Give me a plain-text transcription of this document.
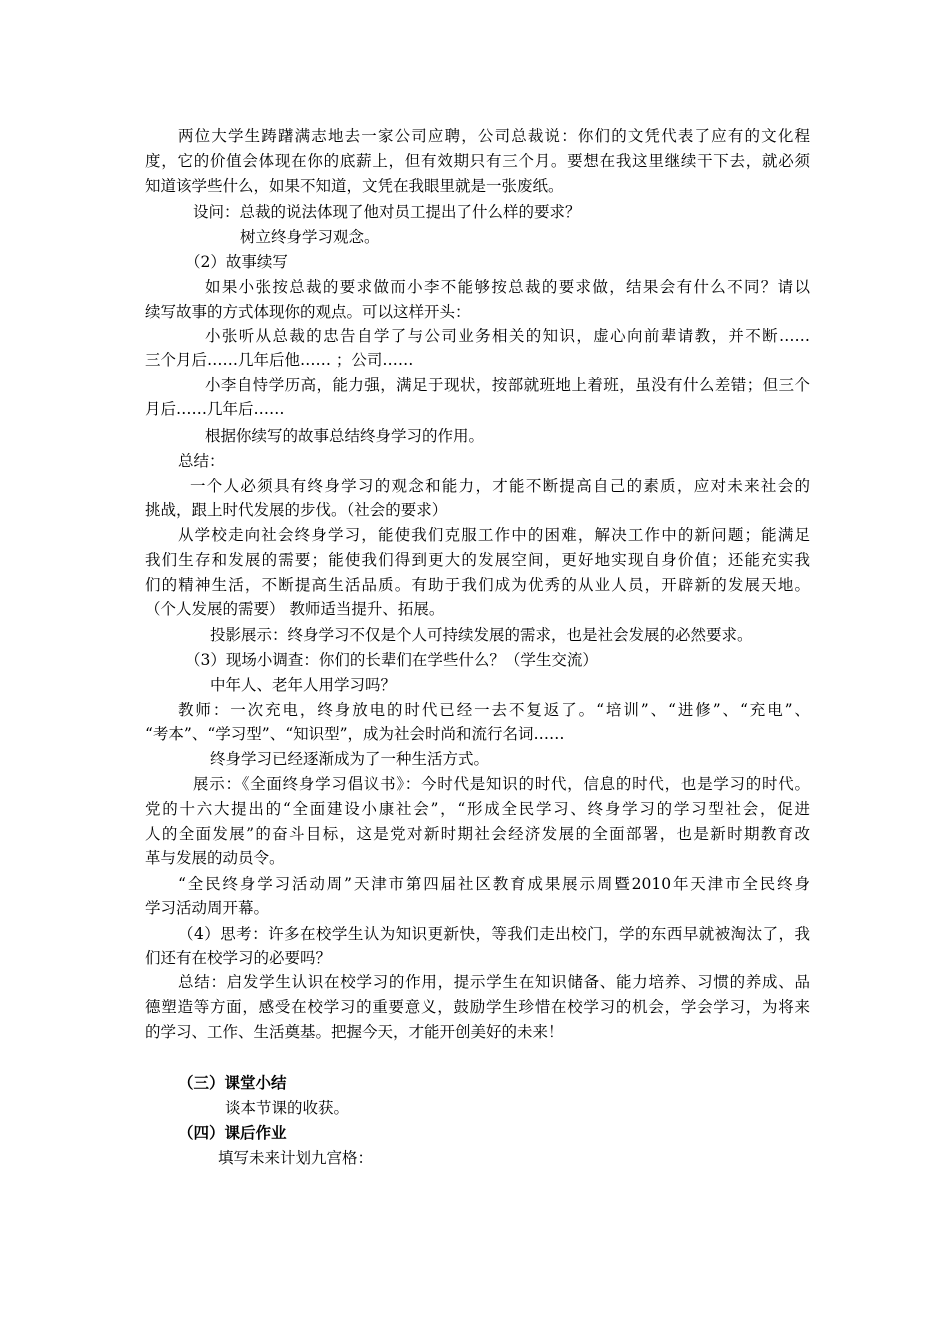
两位大学生踌躇满志地去一家公司应聘，公司总裁说：你们的文凭代表了应有的文化程
度，它的价值会体现在你的底薪上，但有效期只有三个月。要想在我这里继续干下去，就必须
知道该学些什么，如果不知道，文凭在我眼里就是一张废纸。
设问：总裁的说法体现了他对员工提出了什么样的要求？
树立终身学习观念。
（2）故事续写
如果小张按总裁的要求做而小李不能够按总裁的要求做，结果会有什么不同？请以
续写故事的方式体现你的观点。可以这样开头：
小张听从总裁的忠告自学了与公司业务相关的知识，虚心向前辈请教，并不断……
三个月后……几年后他…… ；公司……
小李自恃学历高，能力强，满足于现状，按部就班地上着班，虽没有什么差错；但三个
月后……几年后……
根据你续写的故事总结终身学习的作用。
总结：
一个人必须具有终身学习的观念和能力，才能不断提高自己的素质，应对未来社会的
挑战，跟上时代发展的步伐。（社会的要求）
从学校走向社会终身学习，能使我们克服工作中的困难，解决工作中的新问题；能满足
我们生存和发展的需要；能使我们得到更大的发展空间，更好地实现自身价值；还能充实我
们的精神生活，不断提高生活品质。有助于我们成为优秀的从业人员，开辟新的发展天地。
（个人发展的需要） 教师适当提升、拓展。
投影展示：终身学习不仅是个人可持续发展的需求，也是社会发展的必然要求。
（3）现场小调查：你们的长辈们在学些什么？（学生交流）
中年人、老年人用学习吗？
教师：一次充电，终身放电的时代已经一去不复返了。“培训”、“进修”、“充电”、
“考本”、“学习型”、“知识型”，成为社会时尚和流行名词……
终身学习已经逐渐成为了一种生活方式。
展示：《全面终身学习倡议书》：今时代是知识的时代，信息的时代，也是学习的时代。
党的十六大提出的“全面建设小康社会”，“形成全民学习、终身学习的学习型社会，促进
人的全面发展”的奋斗目标，这是党对新时期社会经济发展的全面部署，也是新时期教育改
革与发展的动员令。
“全民终身学习活动周”天津市第四届社区教育成果展示周暨2010年天津市全民终身
学习活动周开幕。
（4）思考：许多在校学生认为知识更新快，等我们走出校门，学的东西早就被淘汰了，我
们还有在校学习的必要吗？
总结：启发学生认识在校学习的作用，提示学生在知识储备、能力培养、习惯的养成、品
德塑造等方面，感受在校学习的重要意义，鼓励学生珍惜在校学习的机会，学会学习，为将来
的学习、工作、生活奠基。把握今天，才能开创美好的未来！
（三）课堂小结
谈本节课的收获。
（四）课后作业
填写未来计划九宫格：
